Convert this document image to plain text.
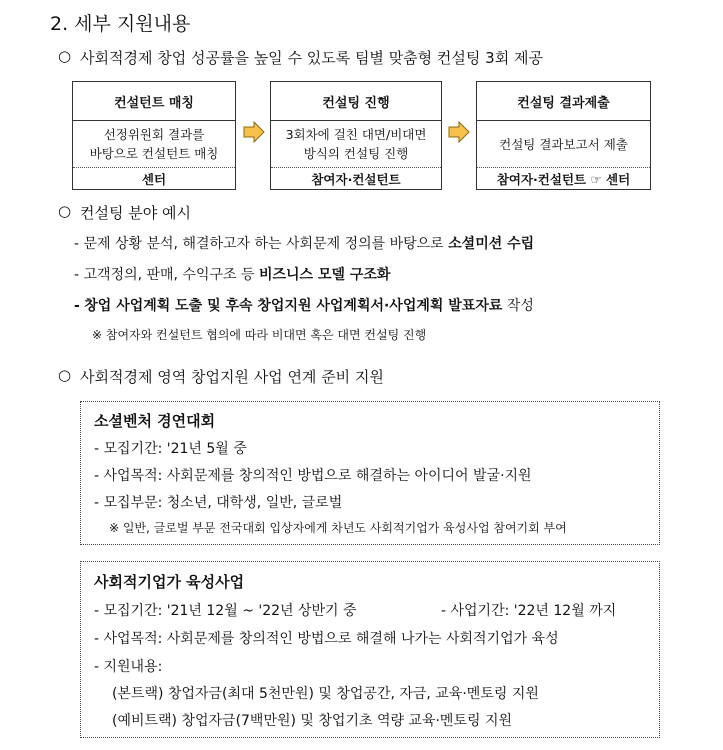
2. 세부 지원내용
○ 사회적경제 창업 성공률을 높일 수 있도록 팀별 맞춤형 컨설팅 3회 제공
컨설턴트 매칭
선정위원회 결과를
바탕으로 컨설턴트 매칭
센터
컨설팅 진행
3회차에 걸친 대면/비대면
방식의 컨설팅 진행
참여자·컨설턴트
컨설팅 결과제출
컨설팅 결과보고서 제출
참여자·컨설턴트 ☞ 센터
○ 컨설팅 분야 예시
- 문제 상황 분석, 해결하고자 하는 사회문제 정의를 바탕으로 소셜미션 수립
- 고객정의, 판매, 수익구조 등 비즈니스 모델 구조화
- 창업 사업계획 도출 및 후속 창업지원 사업계획서·사업계획 발표자료 작성
※ 참여자와 컨설턴트 협의에 따라 비대면 혹은 대면 컨설팅 진행
○ 사회적경제 영역 창업지원 사업 연계 준비 지원
소셜벤처 경연대회
- 모집기간: '21년 5월 중
- 사업목적: 사회문제를 창의적인 방법으로 해결하는 아이디어 발굴·지원
- 모집부문: 청소년, 대학생, 일반, 글로벌
※ 일반, 글로벌 부문 전국대회 입상자에게 차년도 사회적기업가 육성사업 참여기회 부여
사회적기업가 육성사업
- 모집기간: '21년 12월 ~ '22년 상반기 중	- 사업기간: '22년 12월 까지
- 사업목적: 사회문제를 창의적인 방법으로 해결해 나가는 사회적기업가 육성
- 지원내용:
(본트랙) 창업자금(최대 5천만원) 및 창업공간, 자금, 교육·멘토링 지원
(예비트랙) 창업자금(7백만원) 및 창업기초 역량 교육·멘토링 지원
